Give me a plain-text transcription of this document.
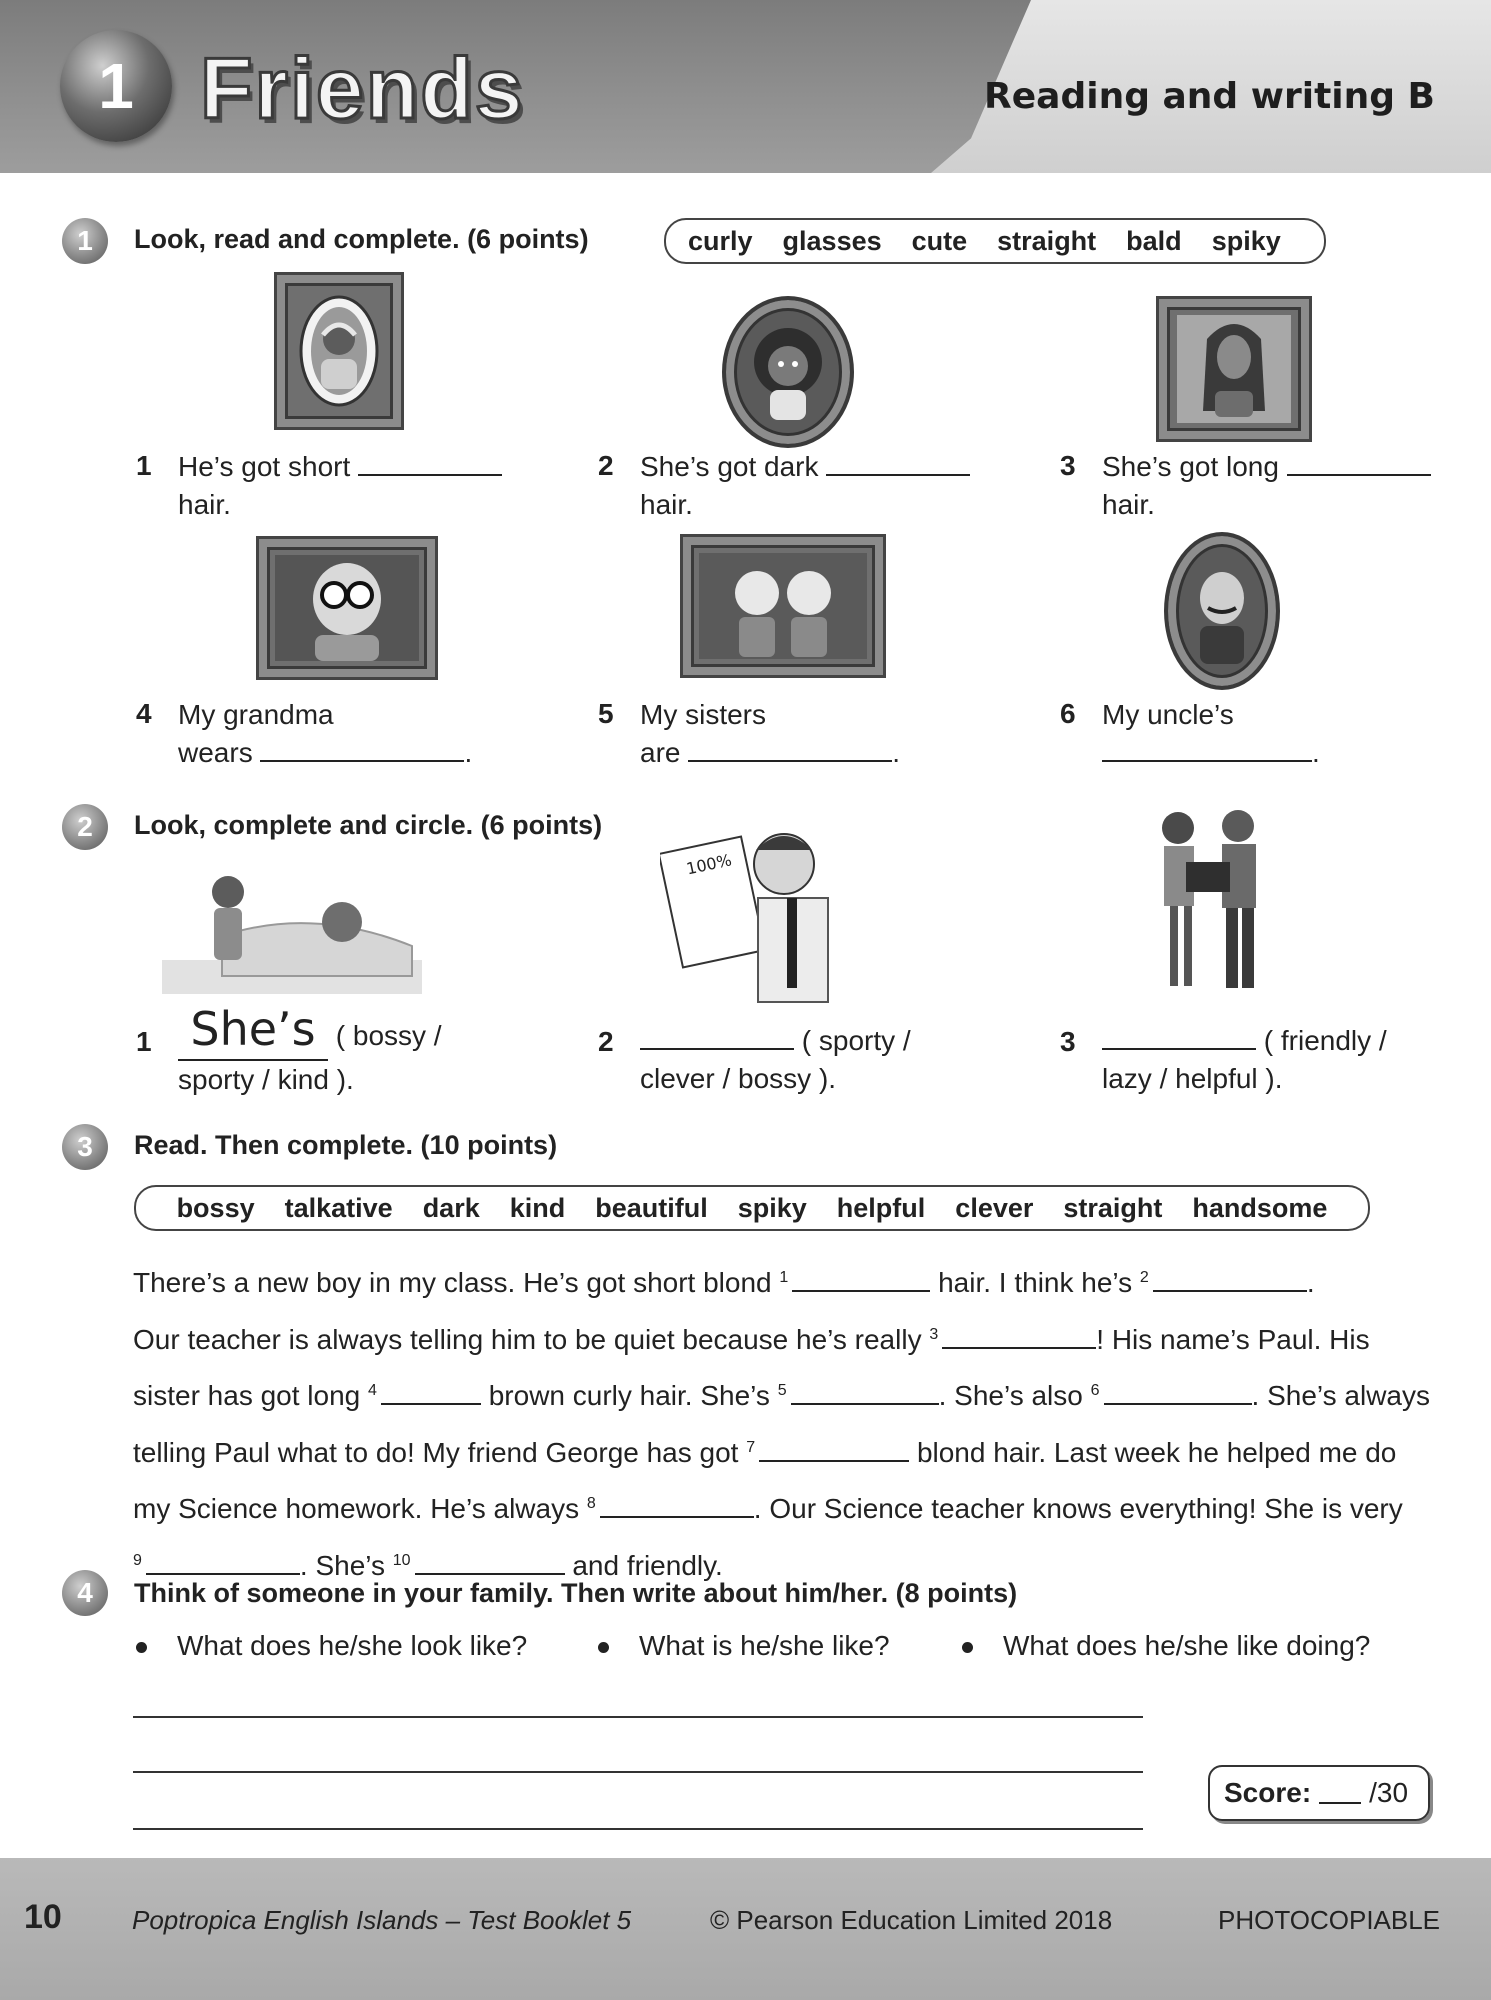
1 Friends	Reading and writing B
1	Look, read and complete. (6 points)	curly glasses cute straight bald spiky
1 He’s got short
hair.
2 She’s got dark
hair.
3 She’s got long
hair.
4 My grandma
wears	.
5 My sisters
are	.
6 My uncle’s
.
2	Look, complete and circle. (6 points)
100%
1 She’s ( bossy /
sporty / kind ).
2	( sporty /
clever / bossy ).
3	( friendly /
lazy / helpful ).
3	Read. Then complete. (10 points)
bossy talkative dark kind beautiful spiky helpful clever straight handsome
There’s a new boy in my class. He’s got short blond $^1$	hair. I think he’s $^2$	.
Our teacher is always telling him to be quiet because he’s really $^3$	! His name’s Paul. His
sister has got long $^4$	brown curly hair. She’s $^5$	. She’s also $^6$	. She’s always
telling Paul what to do! My friend George has got $^7$	blond hair. Last week he helped me do
my Science homework. He’s always $^8$	. Our Science teacher knows everything! She is very
$^9$	. She’s $^{10}$	and friendly.
4	Think of someone in your family. Then write about him/her. (8 points)
What does he/she look like?	What is he/she like?	What does he/she like doing?
Score: /30
10	Poptropica English Islands – Test Booklet 5	© Pearson Education Limited 2018	PHOTOCOPIABLE
